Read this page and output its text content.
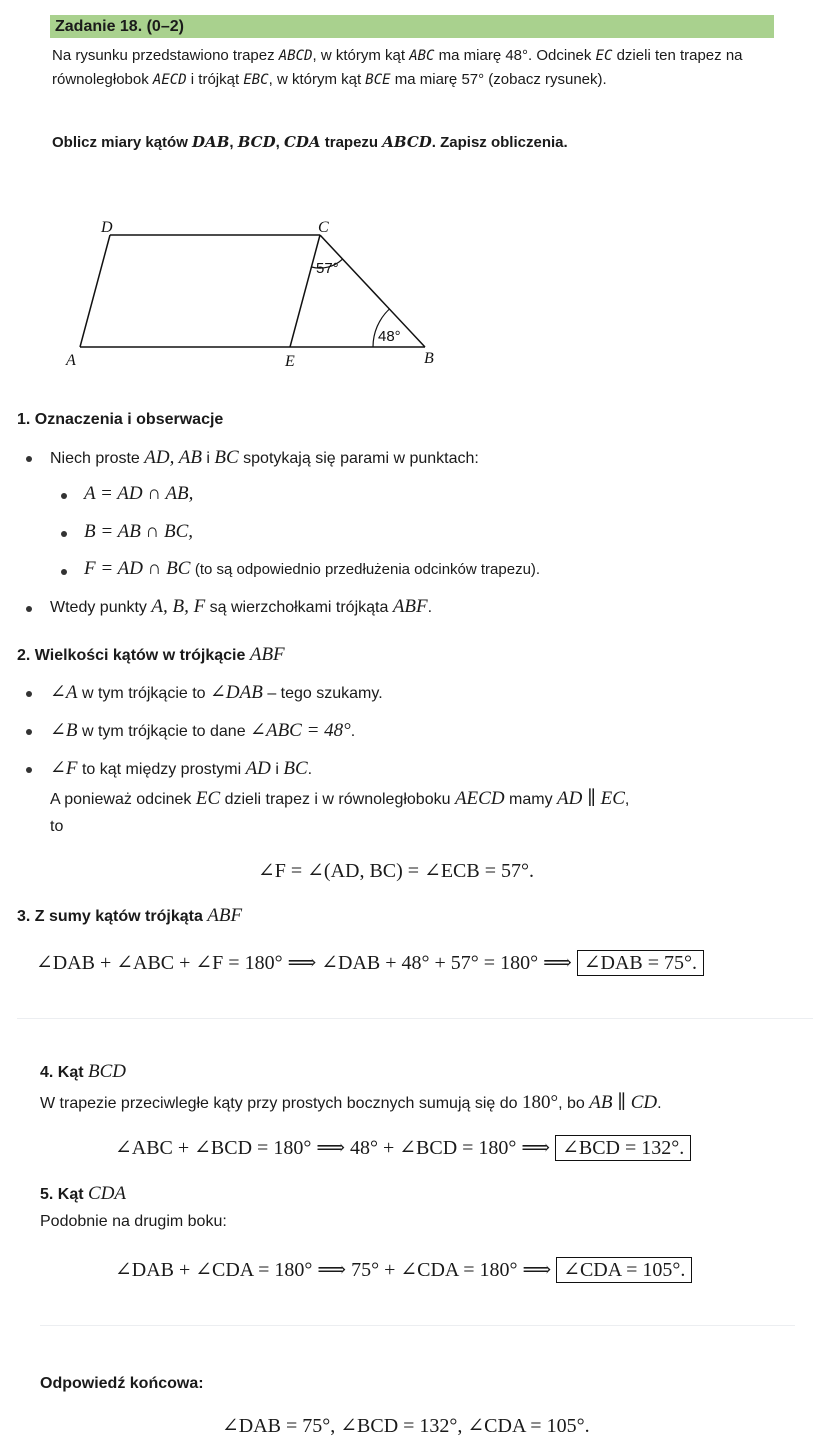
Zadanie 18. (0–2)
Na rysunku przedstawiono trapez ABCD, w którym kąt ABC ma miarę 48°. Odcinek EC dzieli ten trapez na równoległobok AECD i trójkąt EBC, w którym kąt BCE ma miarę 57° (zobacz rysunek).
Oblicz miary kątów DAB, BCD, CDA trapezu ABCD. Zapisz obliczenia.
D	C
A	E	B
57°
48°
1. Oznaczenia i obserwacje
Niech proste AD, AB i BC spotykają się parami w punktach:
A = AD ∩ AB,
B = AB ∩ BC,
F = AD ∩ BC (to są odpowiednio przedłużenia odcinków trapezu).
Wtedy punkty A, B, F są wierzchołkami trójkąta ABF.
2. Wielkości kątów w trójkącie ABF
∠A w tym trójkącie to ∠DAB – tego szukamy.
∠B w tym trójkącie to dane ∠ABC = 48°.
∠F to kąt między prostymi AD i BC.
A ponieważ odcinek EC dzieli trapez i w równoległoboku AECD mamy AD ∥ EC,
to
∠F = ∠(AD, BC) = ∠ECB = 57°.
3. Z sumy kątów trójkąta ABF
∠DAB + ∠ABC + ∠F = 180° ⟹ ∠DAB + 48° + 57° = 180° ⟹ ∠DAB = 75°.
4. Kąt BCD
W trapezie przeciwległe kąty przy prostych bocznych sumują się do 180°, bo AB ∥ CD.
∠ABC + ∠BCD = 180° ⟹ 48° + ∠BCD = 180° ⟹ ∠BCD = 132°.
5. Kąt CDA
Podobnie na drugim boku:
∠DAB + ∠CDA = 180° ⟹ 75° + ∠CDA = 180° ⟹ ∠CDA = 105°.
Odpowiedź końcowa:
∠DAB = 75°, ∠BCD = 132°, ∠CDA = 105°.
